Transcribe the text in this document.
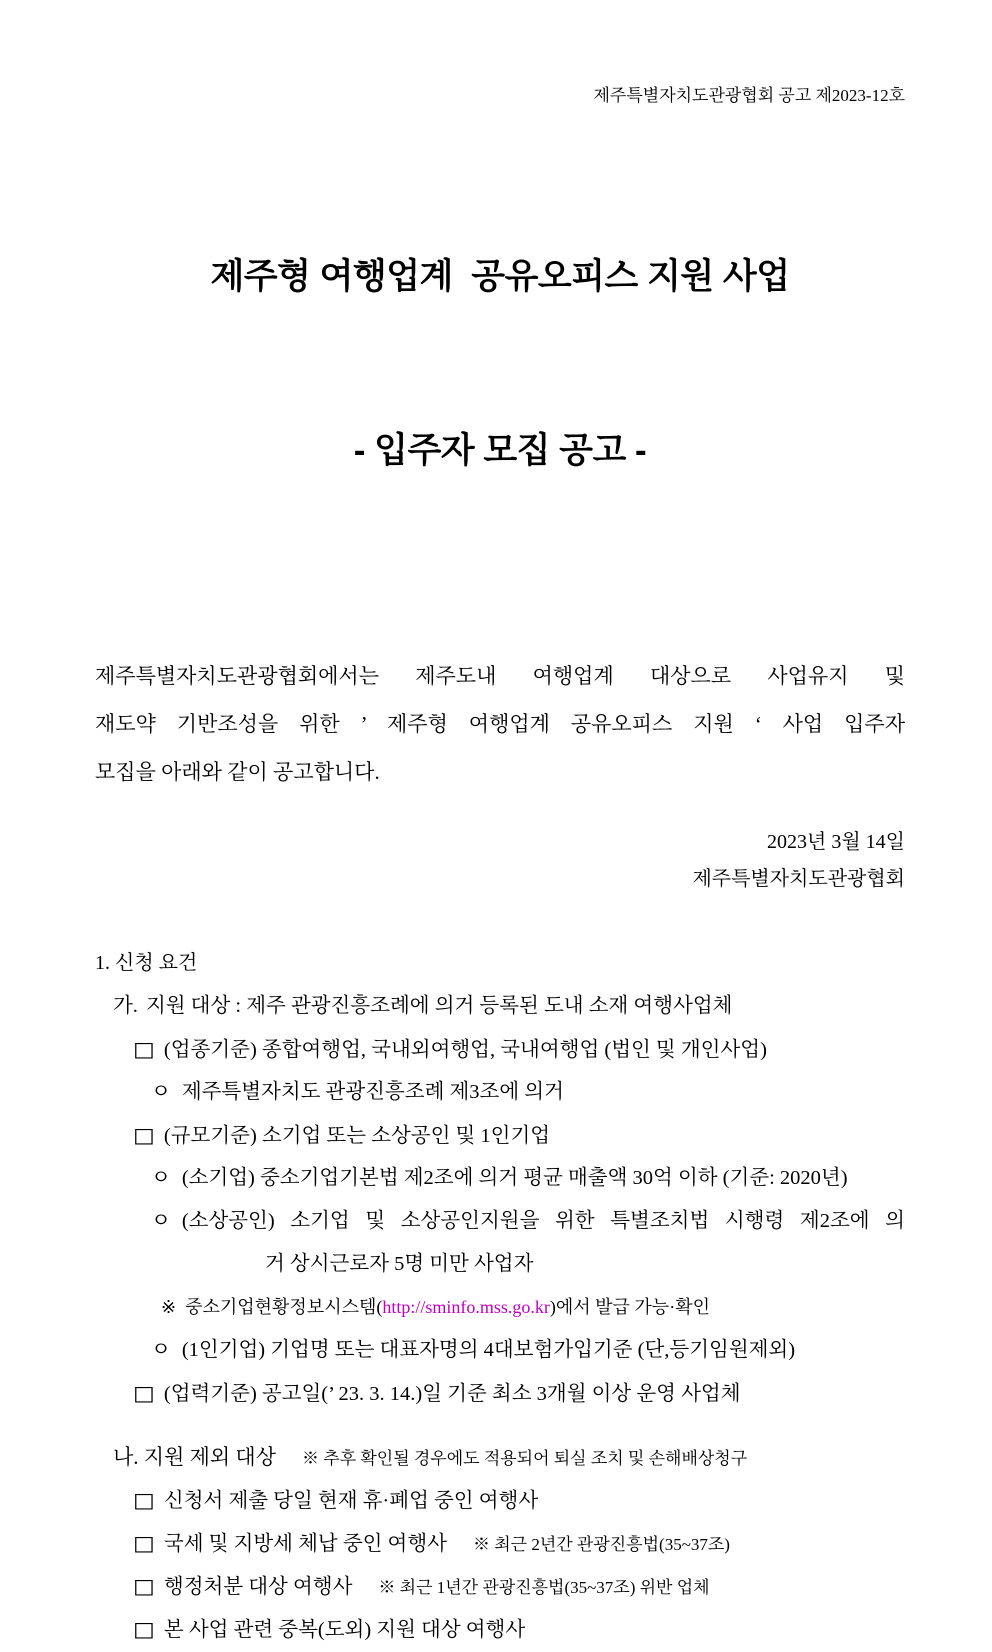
제주특별자치도관광협회 공고 제2023-12호

제주형 여행업계  공유오피스 지원 사업

- 입주자 모집 공고 -

제주특별자치도관광협회에서는 제주도내 여행업계 대상으로 사업유지 및
재도약 기반조성을 위한 ’ 제주형 여행업계 공유오피스 지원 ‘ 사업 입주자
모집을 아래와 같이 공고합니다.
2023년 3월 14일
제주특별자치도관광협회
1. 신청 요건
가. 지원 대상 : 제주 관광진흥조례에 의거 등록된 도내 소재 여행사업체
□ (업종기준) 종합여행업, 국내외여행업, 국내여행업 (법인 및 개인사업)
ㅇ 제주특별자치도 관광진흥조례 제3조에 의거
□ (규모기준) 소기업 또는 소상공인 및 1인기업
ㅇ (소기업) 중소기업기본법 제2조에 의거 평균 매출액 30억 이하 (기준: 2020년)
ㅇ (소상공인) 소기업 및 소상공인지원을 위한 특별조치법 시행령 제2조에 의
거 상시근로자 5명 미만 사업자
※ 중소기업현황정보시스템(http://sminfo.mss.go.kr)에서 발급 가능·확인
ㅇ (1인기업) 기업명 또는 대표자명의 4대보험가입기준 (단,등기임원제외)
□ (업력기준) 공고일(’ 23. 3. 14.)일 기준 최소 3개월 이상 운영 사업체
나. 지원 제외 대상 ※ 추후 확인될 경우에도 적용되어 퇴실 조치 및 손해배상청구
□ 신청서 제출 당일 현재 휴·폐업 중인 여행사
□ 국세 및 지방세 체납 중인 여행사 ※ 최근 2년간 관광진흥법(35~37조)
□ 행정처분 대상 여행사 ※ 최근 1년간 관광진흥법(35~37조) 위반 업체
□ 본 사업 관련 중복(도외) 지원 대상 여행사
